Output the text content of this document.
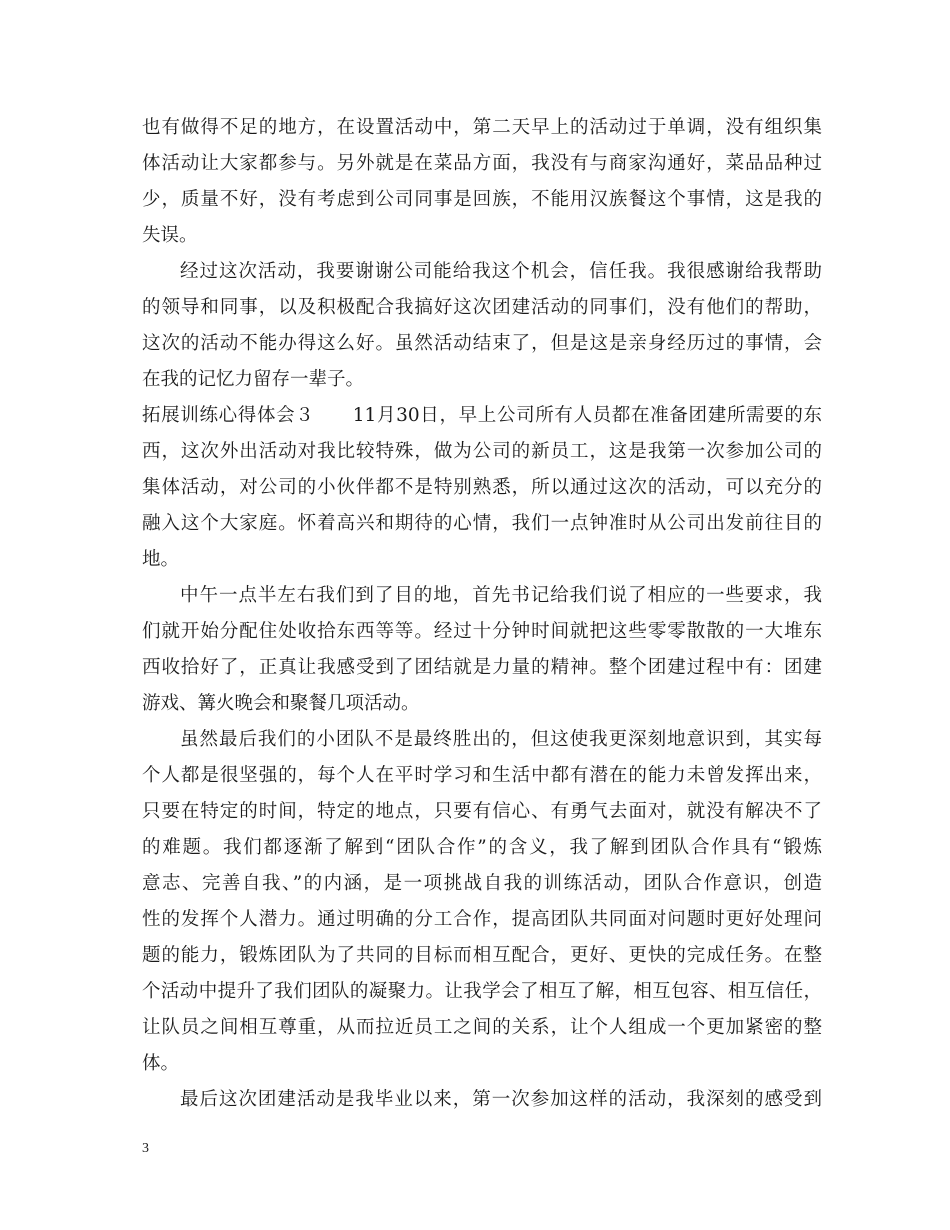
也有做得不足的地方，在设置活动中，第二天早上的活动过于单调，没有组织集
体活动让大家都参与。另外就是在菜品方面，我没有与商家沟通好，菜品品种过
少，质量不好，没有考虑到公司同事是回族，不能用汉族餐这个事情，这是我的
失误。
经过这次活动，我要谢谢公司能给我这个机会，信任我。我很感谢给我帮助
的领导和同事，以及积极配合我搞好这次团建活动的同事们，没有他们的帮助，
这次的活动不能办得这么好。虽然活动结束了，但是这是亲身经历过的事情，会
在我的记忆力留存一辈子。
拓展训练心得体会３　　11月30日，早上公司所有人员都在准备团建所需要的东
西，这次外出活动对我比较特殊，做为公司的新员工，这是我第一次参加公司的
集体活动，对公司的小伙伴都不是特别熟悉，所以通过这次的活动，可以充分的
融入这个大家庭。怀着高兴和期待的心情，我们一点钟准时从公司出发前往目的
地。
中午一点半左右我们到了目的地，首先书记给我们说了相应的一些要求，我
们就开始分配住处收拾东西等等。经过十分钟时间就把这些零零散散的一大堆东
西收拾好了，正真让我感受到了团结就是力量的精神。整个团建过程中有：团建
游戏、篝火晚会和聚餐几项活动。
虽然最后我们的小团队不是最终胜出的，但这使我更深刻地意识到，其实每
个人都是很坚强的，每个人在平时学习和生活中都有潜在的能力未曾发挥出来，
只要在特定的时间，特定的地点，只要有信心、有勇气去面对，就没有解决不了
的难题。我们都逐渐了解到“团队合作”的含义，我了解到团队合作具有“锻炼
意志、完善自我、”的内涵，是一项挑战自我的训练活动，团队合作意识，创造
性的发挥个人潜力。通过明确的分工合作，提高团队共同面对问题时更好处理问
题的能力，锻炼团队为了共同的目标而相互配合，更好、更快的完成任务。在整
个活动中提升了我们团队的凝聚力。让我学会了相互了解，相互包容、相互信任，
让队员之间相互尊重，从而拉近员工之间的关系，让个人组成一个更加紧密的整
体。
最后这次团建活动是我毕业以来，第一次参加这样的活动，我深刻的感受到
3
